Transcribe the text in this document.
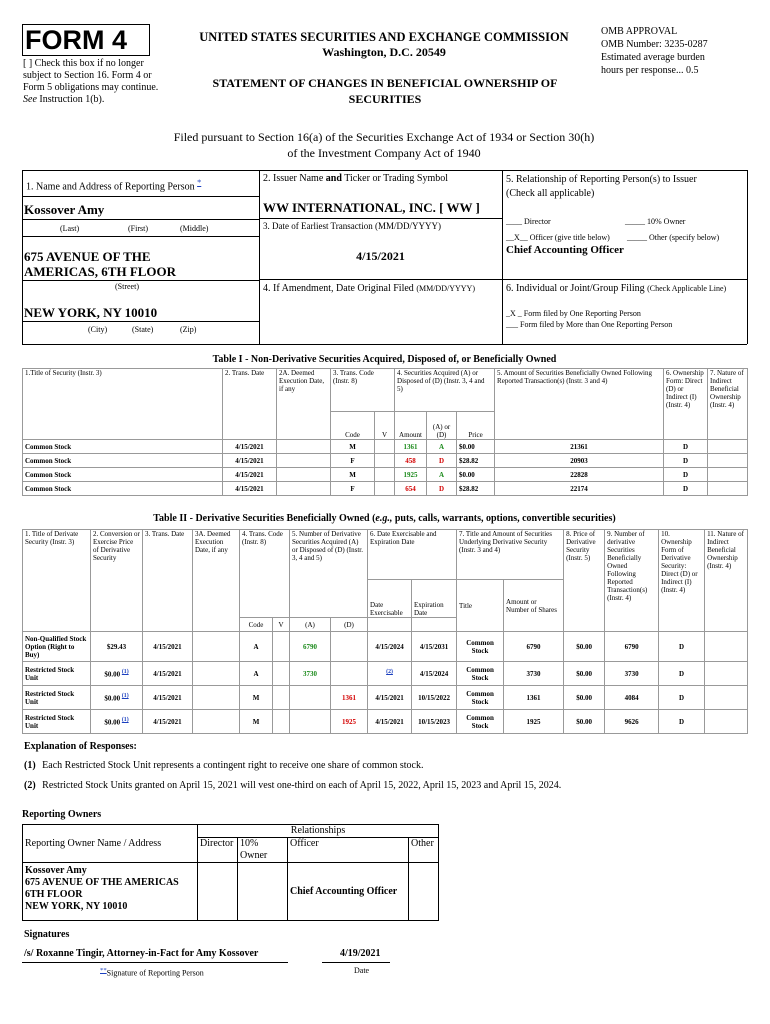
FORM 4
[ ] Check this box if no longer subject to Section 16. Form 4 or Form 5 obligations may continue. See Instruction 1(b).
UNITED STATES SECURITIES AND EXCHANGE COMMISSION
Washington, D.C. 20549
STATEMENT OF CHANGES IN BENEFICIAL OWNERSHIP OF SECURITIES
OMB APPROVAL
OMB Number: 3235-0287
Estimated average burden
hours per response... 0.5
Filed pursuant to Section 16(a) of the Securities Exchange Act of 1934 or Section 30(h) of the Investment Company Act of 1940
1. Name and Address of Reporting Person *
Kossover Amy
(Last)	(First)	(Middle)
675 AVENUE OF THE
AMERICAS, 6TH FLOOR
(Street)
NEW YORK, NY 10010
(City)	(State)	(Zip)
2. Issuer Name and Ticker or Trading Symbol
WW INTERNATIONAL, INC. [ WW ]
3. Date of Earliest Transaction (MM/DD/YYYY)
4/15/2021
4. If Amendment, Date Original Filed (MM/DD/YYYY)
5. Relationship of Reporting Person(s) to Issuer
(Check all applicable)
____ Director	_____ 10% Owner
__X__ Officer (give title below) _____ Other (specify below)
Chief Accounting Officer
6. Individual or Joint/Group Filing (Check Applicable Line)
_X _ Form filed by One Reporting Person
___ Form filed by More than One Reporting Person
Table I - Non-Derivative Securities Acquired, Disposed of, or Beneficially Owned
1.Title of Security (Instr. 3)	2. Trans. Date	2A. Deemed Execution Date, if any	3. Trans. Code (Instr. 8)		4. Securities Acquired (A) or Disposed of (D) (Instr. 3, 4 and 5)			5. Amount of Securities Beneficially Owned Following Reported Transaction(s) (Instr. 3 and 4)	6. Ownership Form: Direct (D) or Indirect (I) (Instr. 4)	7. Nature of Indirect Beneficial Ownership (Instr. 4)
			Code	V	Amount	(A) or (D)	Price			
Common Stock	4/15/2021		M		1361	A	$0.00	21361	D	
Common Stock	4/15/2021		F		458	D	$28.82	20903	D	
Common Stock	4/15/2021		M		1925	A	$0.00	22828	D	
Common Stock	4/15/2021		F		654	D	$28.82	22174	D	
Table II - Derivative Securities Beneficially Owned (e.g., puts, calls, warrants, options, convertible securities)
1. Title of Derivate Security (Instr. 3)	2. Conversion or Exercise Price of Derivative Security	3. Trans. Date	3A. Deemed Execution Date, if any	4. Trans. Code (Instr. 8)		5. Number of Derivative Securities Acquired (A) or Disposed of (D) (Instr. 3, 4 and 5)		6. Date Exercisable and Expiration Date		7. Title and Amount of Securities Underlying Derivative Security (Instr. 3 and 4)		8. Price of Derivative Security (Instr. 5)	9. Number of derivative Securities Beneficially Owned Following Reported Transaction(s) (Instr. 4)	10. Ownership Form of Derivative Security: Direct (D) or Indirect (I) (Instr. 4)	11. Nature of Indirect Beneficial Ownership (Instr. 4)
								Date Exercisable	Expiration Date	Title	Amount or Number of Shares				
				Code	V	(A)	(D)								
Non-Qualified Stock Option (Right to Buy)	$29.43	4/15/2021		A		6790		4/15/2024	4/15/2031	Common Stock	6790	$0.00	6790	D	
Restricted Stock Unit	$0.00 $^{(1)}$	4/15/2021		A		3730		$^{(2)}$	4/15/2024	Common Stock	3730	$0.00	3730	D	
Restricted Stock Unit	$0.00 $^{(1)}$	4/15/2021		M			1361	4/15/2021	10/15/2022	Common Stock	1361	$0.00	4084	D	
Restricted Stock Unit	$0.00 $^{(1)}$	4/15/2021		M			1925	4/15/2021	10/15/2023	Common Stock	1925	$0.00	9626	D	
Explanation of Responses:
(1) Each Restricted Stock Unit represents a contingent right to receive one share of common stock.
(2) Restricted Stock Units granted on April 15, 2021 will vest one-third on each of April 15, 2022, April 15, 2023 and April 15, 2024.
Reporting Owners
Reporting Owner Name / Address	Relationships			
	Director	10% Owner	Officer	Other

Kossover Amy
675 AVENUE OF THE AMERICAS
6TH FLOOR
NEW YORK, NY 10010			Chief Accounting Officer	
Signatures
/s/ Roxanne Tingir, Attorney-in-Fact for Amy Kossover	4/19/2021
**Signature of Reporting Person	Date
